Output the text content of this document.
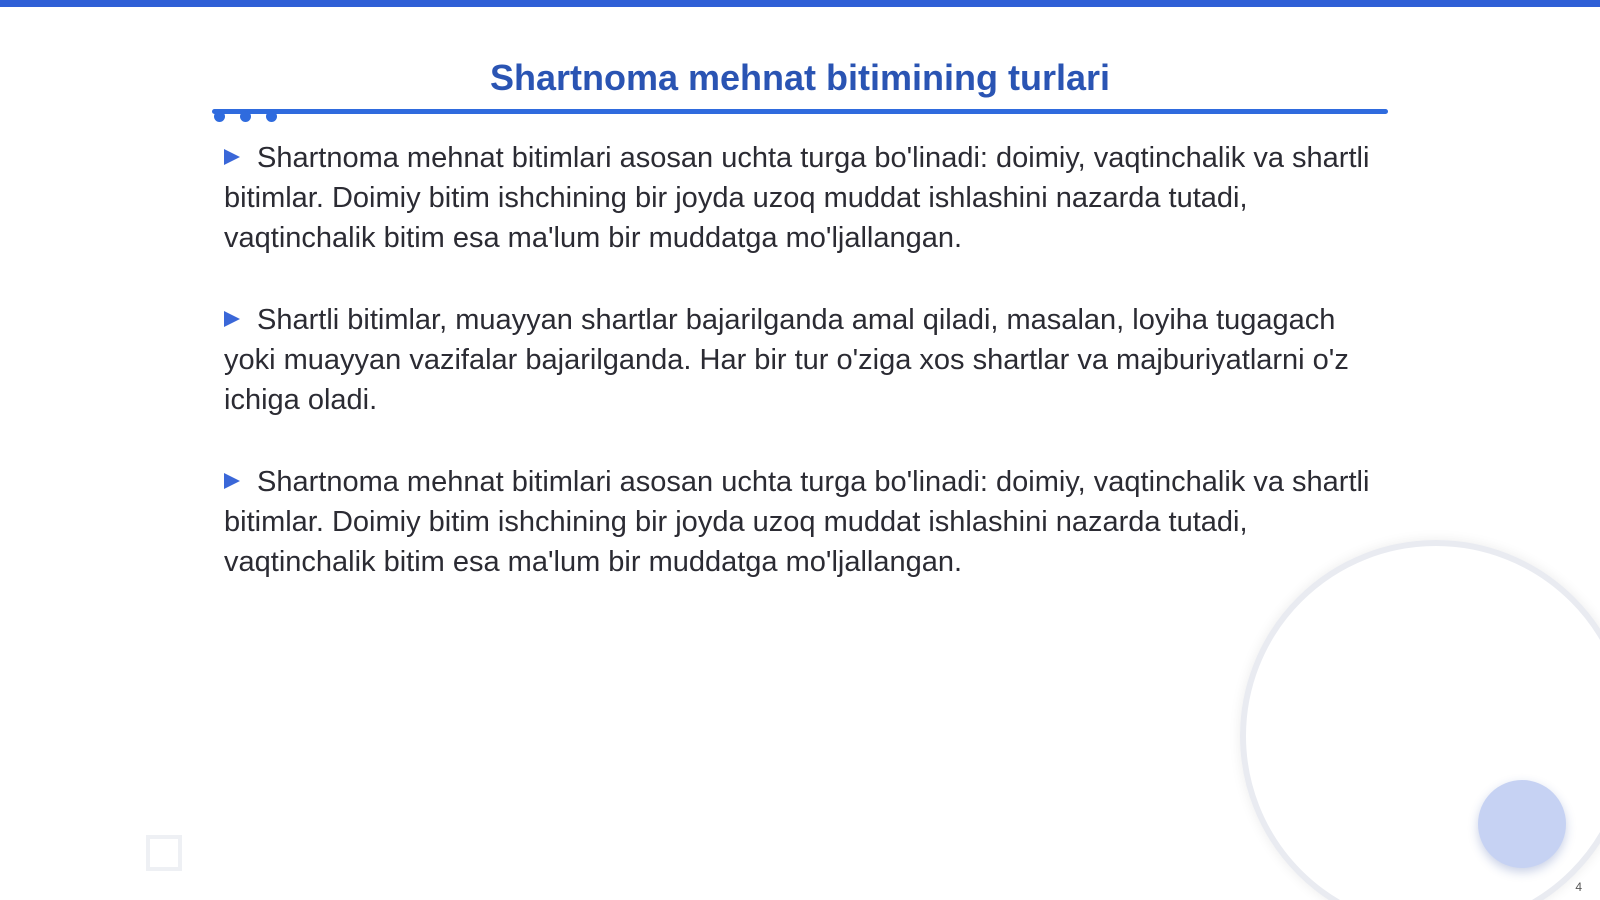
Shartnoma mehnat bitimining turlari

Shartnoma mehnat bitimlari asosan uchta turga bo'linadi: doimiy, vaqtinchalik va shartli bitimlar. Doimiy bitim ishchining bir joyda uzoq muddat ishlashini nazarda tutadi, vaqtinchalik bitim esa ma'lum bir muddatga mo'ljallangan.

Shartli bitimlar, muayyan shartlar bajarilganda amal qiladi, masalan, loyiha tugagach yoki muayyan vazifalar bajarilganda. Har bir tur o'ziga xos shartlar va majburiyatlarni o'z ichiga oladi.

Shartnoma mehnat bitimlari asosan uchta turga bo'linadi: doimiy, vaqtinchalik va shartli bitimlar. Doimiy bitim ishchining bir joyda uzoq muddat ishlashini nazarda tutadi, vaqtinchalik bitim esa ma'lum bir muddatga mo'ljallangan.

4
